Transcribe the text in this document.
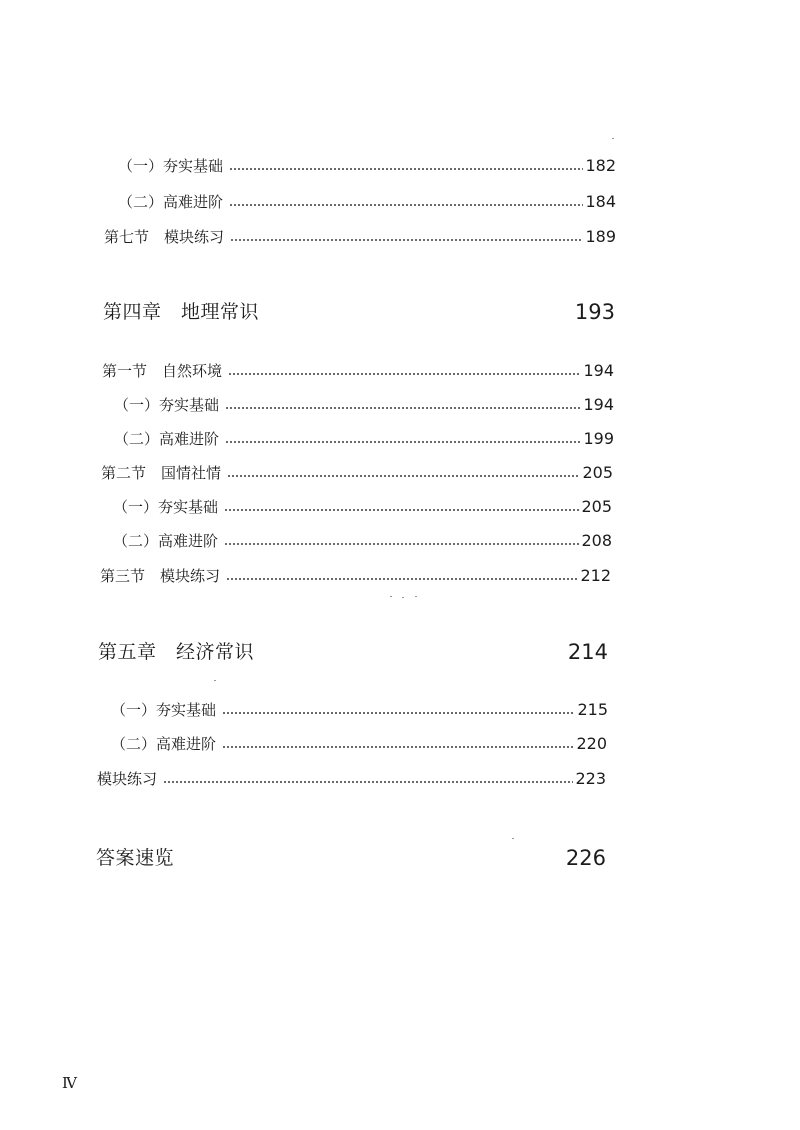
（一）夯实基础	182
（二）高难进阶	184
第七节　模块练习	189
第四章　地理常识	193
第一节　自然环境	194
（一）夯实基础	194
（二）高难进阶	199
第二节　国情社情	205
（一）夯实基础	205
（二）高难进阶	208
第三节　模块练习	212
第五章　经济常识	214
（一）夯实基础	215
（二）高难进阶	220
模块练习	223
答案速览	226
Ⅳ
